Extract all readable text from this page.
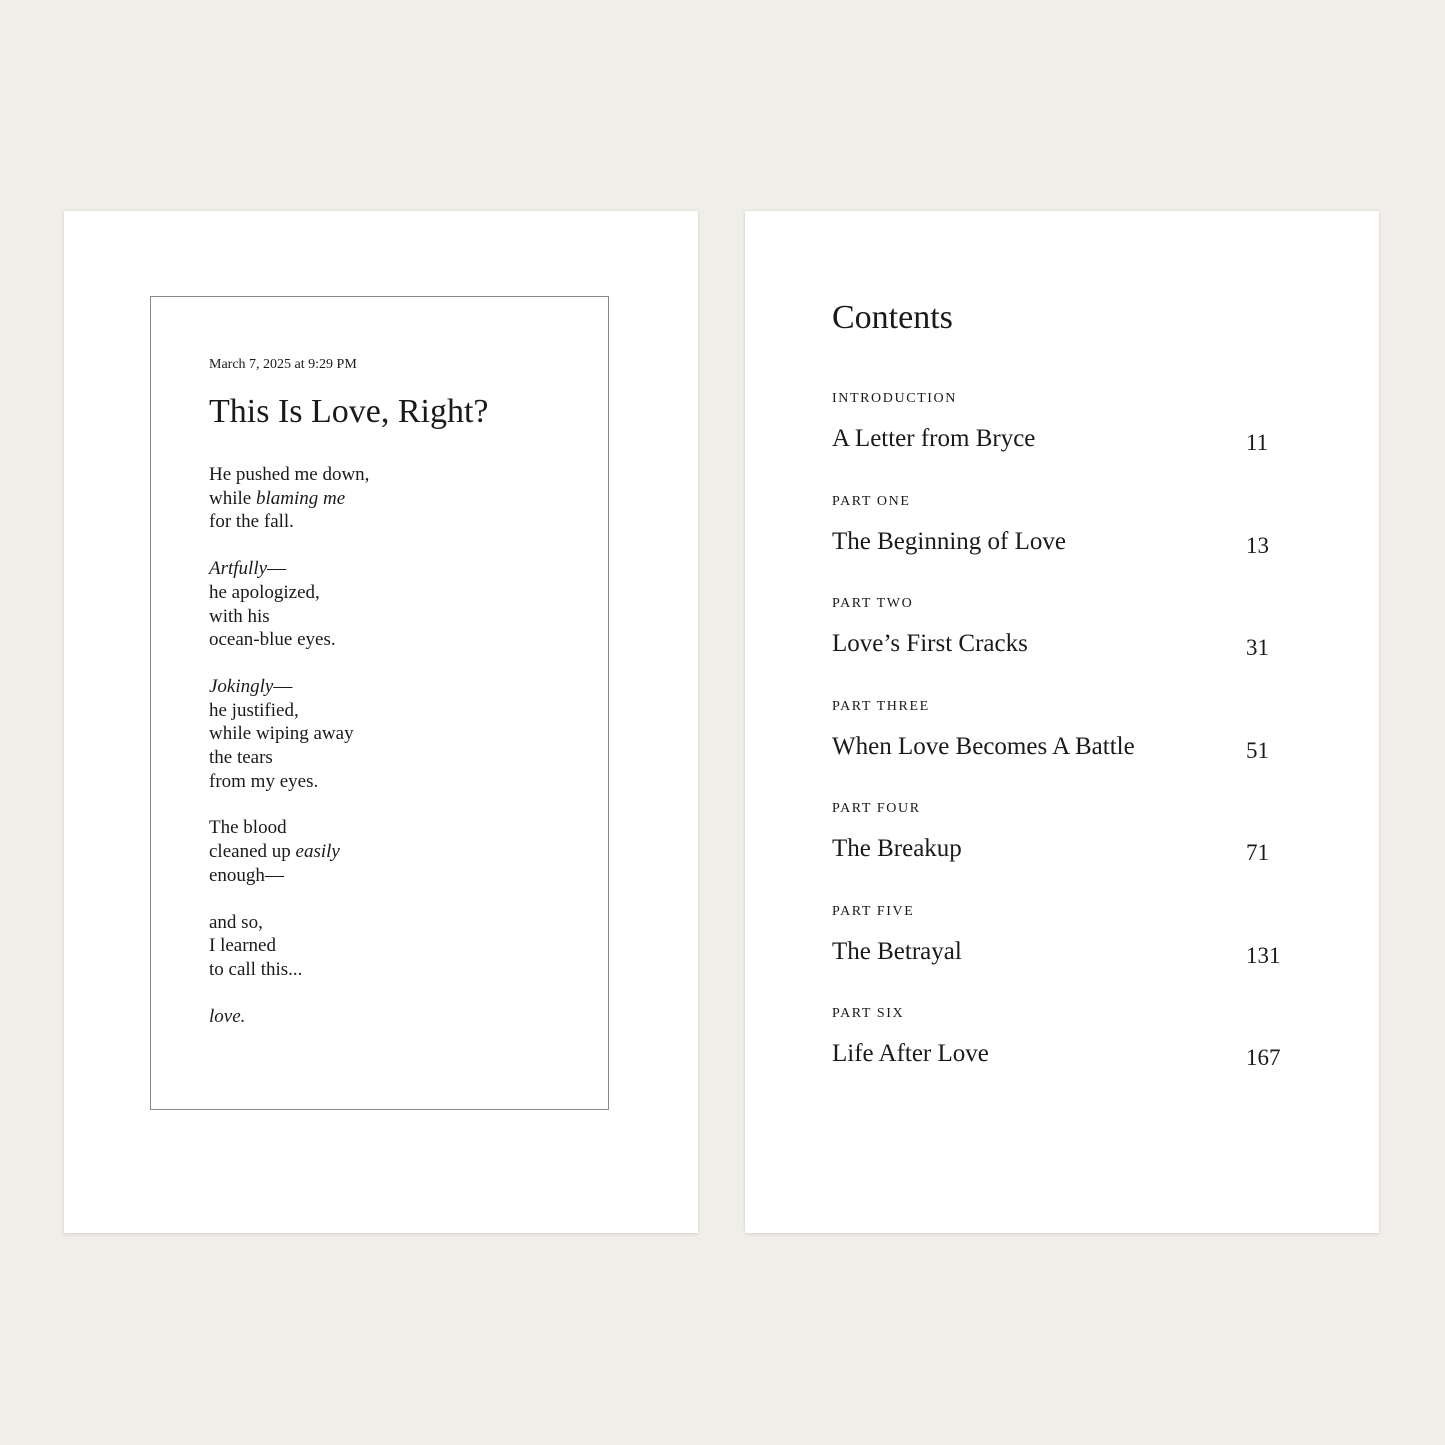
March 7, 2025 at 9:29 PM

This Is Love, Right?
He pushed me down,
while blaming me
for the fall.
Artfully—
he apologized,
with his
ocean-blue eyes.
Jokingly—
he justified,
while wiping away
the tears
from my eyes.
The blood
cleaned up easily
enough—
and so,
I learned
to call this...
love.
Contents

INTRODUCTION

A Letter from Bryce	11

PART ONE

The Beginning of Love	13

PART TWO

Love’s First Cracks	31

PART THREE

When Love Becomes A Battle	51

PART FOUR

The Breakup	71

PART FIVE

The Betrayal	131

PART SIX

Life After Love	167
